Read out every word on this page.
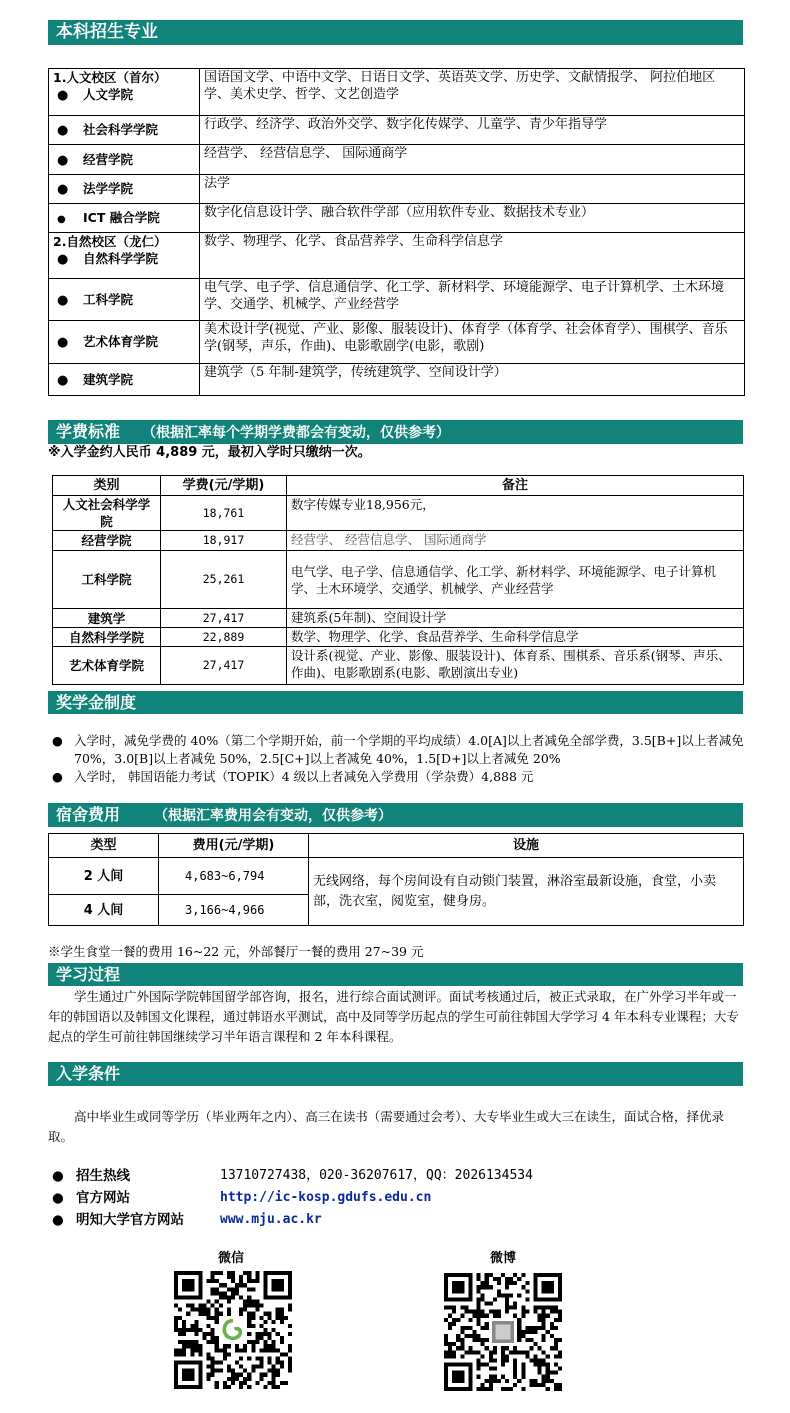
本科招生专业
1.人文校区（首尔）
● 人文学院	国语国文学、中语中文学、日语日文学、英语英文学、历史学、文献情报学、 阿拉伯地区学、美术史学、哲学、文艺创造学
● 社会科学学院	行政学、经济学、政治外交学、数字化传媒学、儿童学、青少年指导学
● 经营学院	经营学、 经营信息学、 国际通商学
● 法学学院	法学
● ICT 融合学院	数字化信息设计学、融合软件学部（应用软件专业、数据技术专业）

2.自然校区（龙仁）
● 自然科学学院	数学、物理学、化学、食品营养学、生命科学信息学
● 工科学院	电气学、电子学、信息通信学、化工学、新材料学、环境能源学、电子计算机学、土木环境学、交通学、机械学、产业经营学
● 艺术体育学院	美术设计学(视觉、产业、影像、服装设计)、体育学（体育学、社会体育学）、围棋学、音乐学(钢琴，声乐，作曲)、电影歌剧学(电影，歌剧)
● 建筑学院	建筑学（5 年制-建筑学，传统建筑学、空间设计学）
学费标准 （根据汇率每个学期学费都会有变动，仅供参考）
※入学金约人民币 4,889 元，最初入学时只缴纳一次。
类别	学费(元/学期)	备注
人文社会科学学院	18,761	数字传媒专业18,956元，
经营学院	18,917	经营学、 经营信息学、 国际通商学
工科学院	25,261	电气学、电子学、信息通信学、化工学、新材料学、环境能源学、电子计算机学、土木环境学、交通学、机械学、产业经营学
建筑学	27,417	建筑系(5年制)、空间设计学
自然科学学院	22,889	数学、物理学、化学、食品营养学、生命科学信息学
艺术体育学院	27,417	设计系(视觉、产业、影像、服装设计)、体育系、围棋系、音乐系(钢琴、声乐、作曲)、电影歌剧系(电影、歌剧演出专业)
奖学金制度
● 入学时，减免学费的 40%（第二个学期开始，前一个学期的平均成绩）4.0[A]以上者减免全部学费，3.5[B+]以上者减免 70%，3.0[B]以上者减免 50%，2.5[C+]以上者减免 40%，1.5[D+]以上者减免 20%
● 入学时， 韩国语能力考试（TOPIK）4 级以上者减免入学费用（学杂费）4,888 元
宿舍费用 （根据汇率费用会有变动，仅供参考）
类型	费用(元/学期)	设施
2 人间	4,683~6,794	无线网络，每个房间设有自动锁门装置，淋浴室最新设施，食堂，小卖部，洗衣室，阅览室，健身房。
4 人间	3,166~4,966	
※学生食堂一餐的费用 16~22 元，外部餐厅一餐的费用 27~39 元
学习过程
学生通过广外国际学院韩国留学部咨询，报名，进行综合面试测评。面试考核通过后，被正式录取，在广外学习半年或一年的韩国语以及韩国文化课程，通过韩语水平测试，高中及同等学历起点的学生可前往韩国大学学习 4 年本科专业课程；大专起点的学生可前往韩国继续学习半年语言课程和 2 年本科课程。
入学条件
高中毕业生或同等学历（毕业两年之内）、高三在读书（需要通过会考）、大专毕业生或大三在读生，面试合格，择优录取。
● 招生热线	13710727438，020-36207617，QQ：2026134534
● 官方网站	http://ic-kosp.gdufs.edu.cn
● 明知大学官方网站	www.mju.ac.kr
微信	微博
